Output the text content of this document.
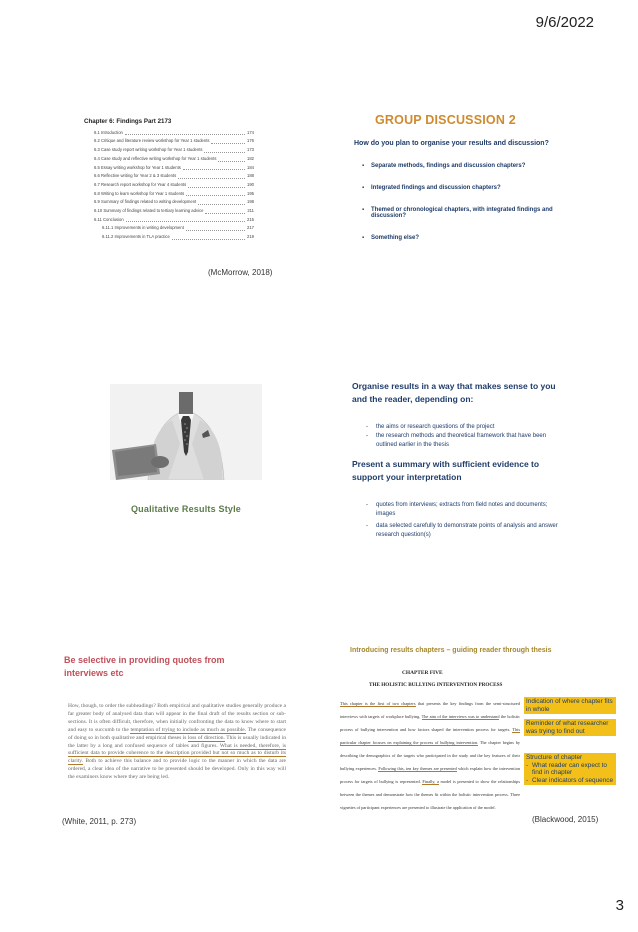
9/6/2022
3
Chapter 6: Findings Part 2 173
6.1 Introduction	174
6.2 Critique and literature review workshop for Year 1 students	176
6.3 Case study report writing workshop for Year 1 students	173
6.4 Case study and reflective writing workshop for Year 1 students	182
6.5 Essay writing workshop for Year 1 students	184
6.6 Reflective writing for Year 2 & 3 students	188
6.7 Research report workshop for Year 4 students	190
6.8 Writing to learn workshop for Year 1 students	195
6.9 Summary of findings related to writing development	198
6.10 Summary of findings related to tertiary learning advice	211
6.11 Conclusion	215
6.11.1 Improvements in writing development	217
6.11.2 Improvements in TLA practice	219
(McMorrow, 2018)
GROUP DISCUSSION 2
How do you plan to organise your results and discussion?
▪ Separate methods, findings and discussion chapters?
▪ Integrated findings and discussion chapters?
▪ Themed or chronological chapters, with integrated findings and discussion?
▪ Something else?
Qualitative Results Style
Organise results in a way that makes sense to you and the reader, depending on:
-	the aims or research questions of the project
-	the research methods and theoretical framework that have been outlined earlier in the thesis
Present a summary with sufficient evidence to support your interpretation
-	quotes from interviews; extracts from field notes and documents; images
-	data selected carefully to demonstrate points of analysis and answer research question(s)
Be selective in providing quotes from interviews etc
How, though, to order the subheadings? Both empirical and qualitative studies generally produce a far greater body of analysed data than will appear in the final draft of the results section or sub-sections. It is often difficult, therefore, when initially confronting the data to know where to start and easy to succumb to the temptation of trying to include as much as possible. The consequence of doing so in both qualitative and empirical theses is loss of direction. This is usually indicated in the latter by a long and confused sequence of tables and figures. What is needed, therefore, is sufficient data to provide coherence to the description provided but not so much as to disturb its clarity. Both to achieve this balance and to provide logic to the manner in which the data are ordered, a clear idea of the narrative to be presented should be developed. Only in this way will the examiners know where they are being led.
(White, 2011, p. 273)
Introducing results chapters – guiding reader through thesis
CHAPTER FIVE
THE HOLISTIC BULLYING INTERVENTION PROCESS
This chapter is the first of two chapters that presents the key findings from the semi-structured interviews with targets of workplace bullying. The aim of the interviews was to understand the holistic process of bullying intervention and how factors shaped the intervention process for targets. This particular chapter focuses on explaining the process of bullying intervention. The chapter begins by describing the demographics of the targets who participated in the study and the key features of their bullying experiences. Following this, ten key themes are presented which explain how the intervention process for targets of bullying is represented. Finally, a model is presented to show the relationships between the themes and demonstrate how the themes fit within the holistic intervention process. Three vignettes of participant experiences are presented to illustrate the application of the model.
Indication of where chapter fits in whole
Reminder of what researcher was trying to find out
Structure of chapter
- What reader can expect to find in chapter
- Clear indicators of sequence
(Blackwood, 2015)
